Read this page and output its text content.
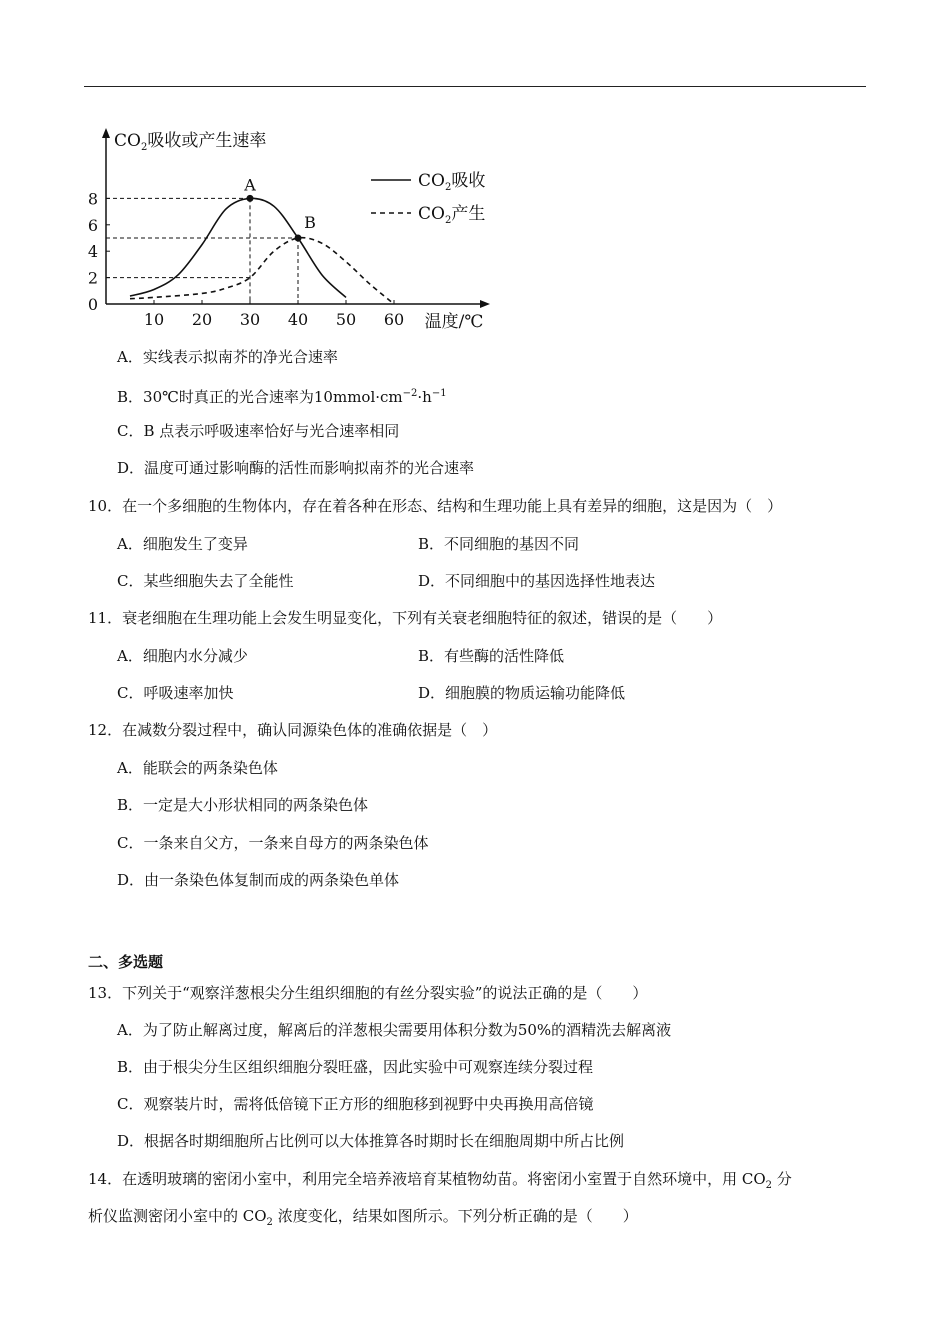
$CO_2$吸收或产生速率
温度/℃
10 20 30 40 50 60
0
2
4
6
8
A
B
$CO_2$吸收
$CO_2$产生
A．实线表示拟南芥的净光合速率
B．30℃时真正的光合速率为$10mmol\cdot cm^{-2}\cdot h^{-1}$
C．B 点表示呼吸速率恰好与光合速率相同
D．温度可通过影响酶的活性而影响拟南芥的光合速率
10．在一个多细胞的生物体内，存在着各种在形态、结构和生理功能上具有差异的细胞，这是因为（　）
A．细胞发生了变异	B．不同细胞的基因不同
C．某些细胞失去了全能性	D．不同细胞中的基因选择性地表达
11．衰老细胞在生理功能上会发生明显变化，下列有关衰老细胞特征的叙述，错误的是（　　）
A．细胞内水分减少	B．有些酶的活性降低
C．呼吸速率加快	D．细胞膜的物质运输功能降低
12．在减数分裂过程中，确认同源染色体的准确依据是（　）
A．能联会的两条染色体
B．一定是大小形状相同的两条染色体
C．一条来自父方，一条来自母方的两条染色体
D．由一条染色体复制而成的两条染色单体
二、多选题
13．下列关于“观察洋葱根尖分生组织细胞的有丝分裂实验”的说法正确的是（　　）
A．为了防止解离过度，解离后的洋葱根尖需要用体积分数为50%的酒精洗去解离液
B．由于根尖分生区组织细胞分裂旺盛，因此实验中可观察连续分裂过程
C．观察装片时，需将低倍镜下正方形的细胞移到视野中央再换用高倍镜
D．根据各时期细胞所占比例可以大体推算各时期时长在细胞周期中所占比例
14．在透明玻璃的密闭小室中，利用完全培养液培育某植物幼苗。将密闭小室置于自然环境中，用 $CO_2$ 分
析仪监测密闭小室中的 $CO_2$ 浓度变化，结果如图所示。下列分析正确的是（　　）
